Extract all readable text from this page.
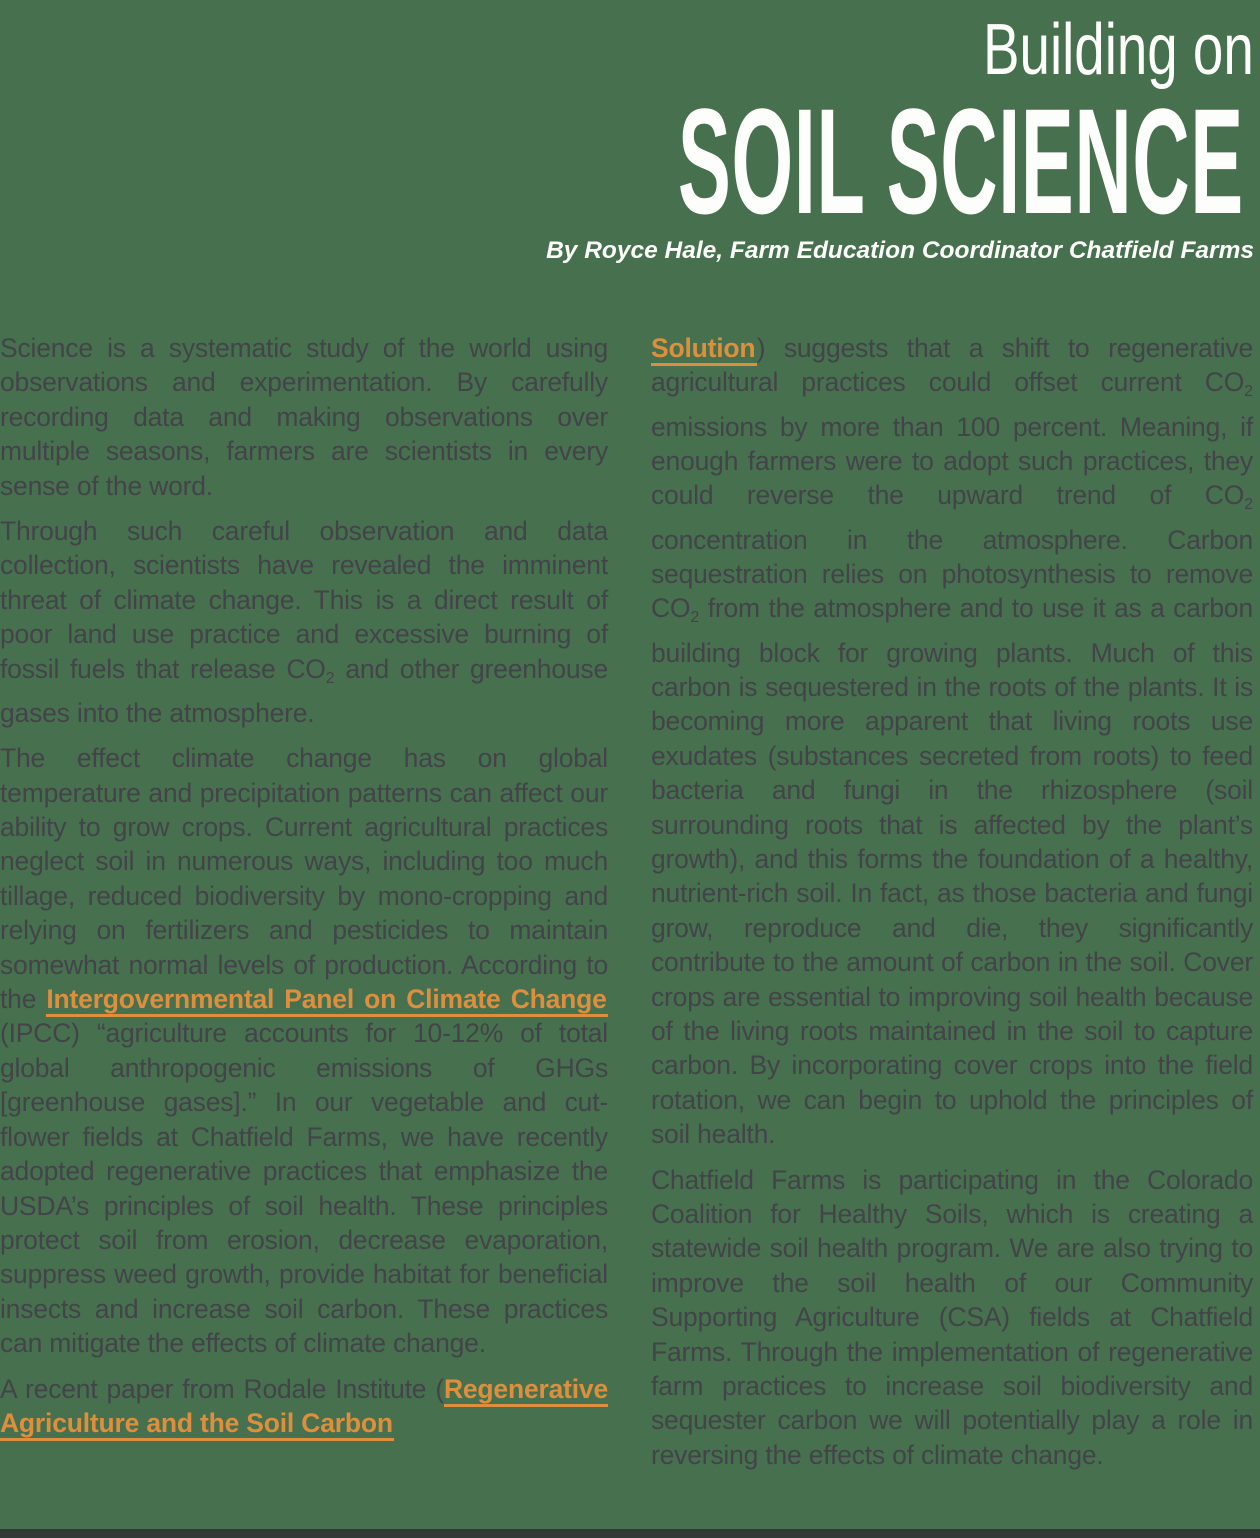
Building on
SOIL SCIENCE
By Royce Hale, Farm Education Coordinator Chatfield Farms

Science is a systematic study of the world using observations and experimentation. By carefully recording data and making observations over multiple seasons, farmers are scientists in every sense of the word.

Through such careful observation and data collection, scientists have revealed the imminent threat of climate change. This is a direct result of poor land use practice and excessive burning of fossil fuels that release $CO_2$ and other greenhouse gases into the atmosphere.

The effect climate change has on global temperature and precipitation patterns can affect our ability to grow crops. Current agricultural practices neglect soil in numerous ways, including too much tillage, reduced biodiversity by mono-cropping and relying on fertilizers and pesticides to maintain somewhat normal levels of production. According to the Intergovernmental Panel on Climate Change (IPCC) “agriculture accounts for 10-12% of total global anthropogenic emissions of GHGs [greenhouse gases].” In our vegetable and cut-flower fields at Chatfield Farms, we have recently adopted regenerative practices that emphasize the USDA’s principles of soil health. These principles protect soil from erosion, decrease evaporation, suppress weed growth, provide habitat for beneficial insects and increase soil carbon. These practices can mitigate the effects of climate change.

A recent paper from Rodale Institute (Regenerative Agriculture and the Soil Carbon

Solution) suggests that a shift to regenerative agricultural practices could offset current $CO_2$ emissions by more than 100 percent. Meaning, if enough farmers were to adopt such practices, they could reverse the upward trend of $CO_2$ concentration in the atmosphere. Carbon sequestration relies on photosynthesis to remove $CO_2$ from the atmosphere and to use it as a carbon building block for growing plants. Much of this carbon is sequestered in the roots of the plants. It is becoming more apparent that living roots use exudates (substances secreted from roots) to feed bacteria and fungi in the rhizosphere (soil surrounding roots that is affected by the plant’s growth), and this forms the foundation of a healthy, nutrient-rich soil. In fact, as those bacteria and fungi grow, reproduce and die, they significantly contribute to the amount of carbon in the soil. Cover crops are essential to improving soil health because of the living roots maintained in the soil to capture carbon. By incorporating cover crops into the field rotation, we can begin to uphold the principles of soil health.

Chatfield Farms is participating in the Colorado Coalition for Healthy Soils, which is creating a statewide soil health program. We are also trying to improve the soil health of our Community Supporting Agriculture (CSA) fields at Chatfield Farms. Through the implementation of regenerative farm practices to increase soil biodiversity and sequester carbon we will potentially play a role in reversing the effects of climate change.
